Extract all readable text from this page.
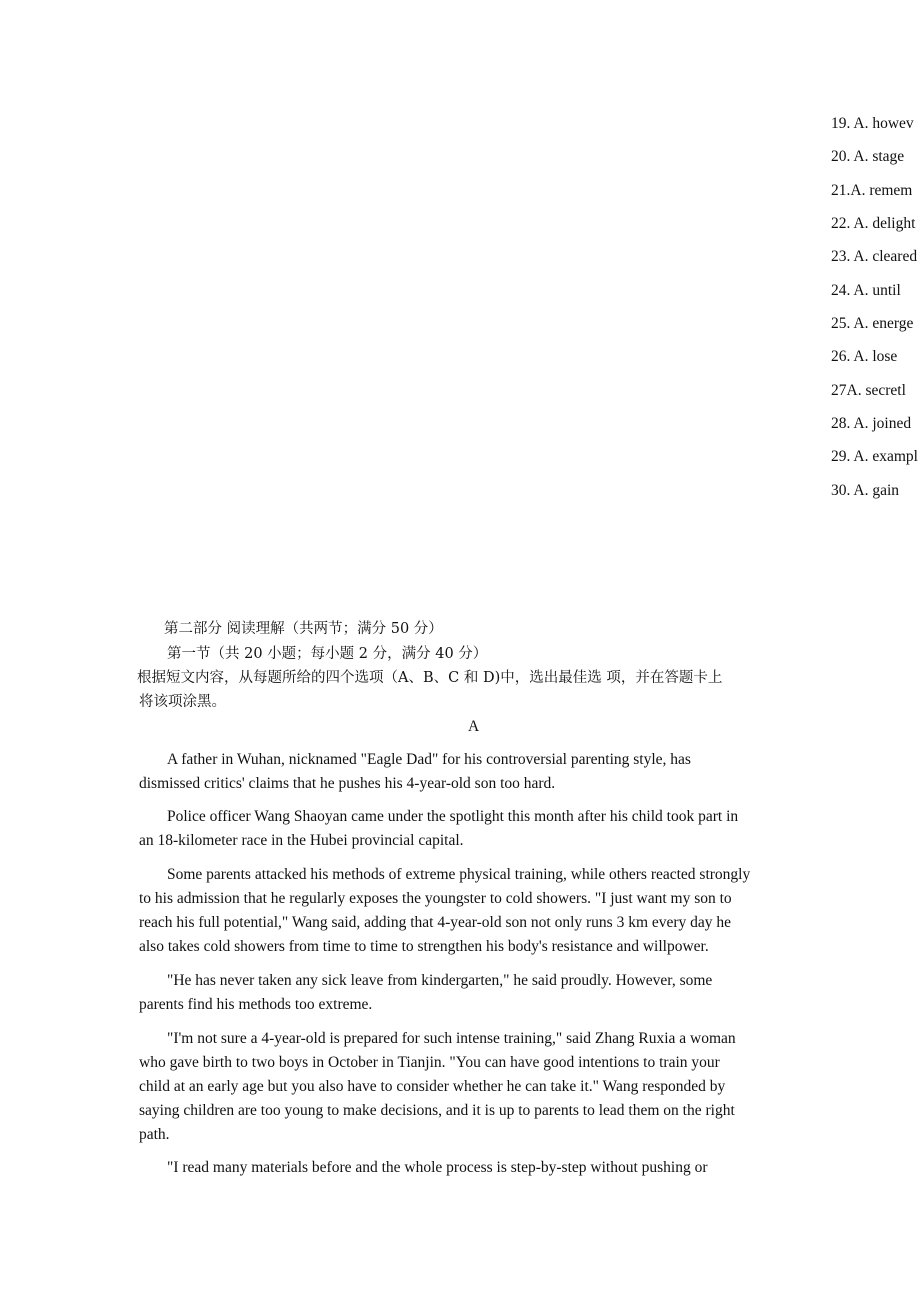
19. A. howev
20. A. stage
21.A. remem
22. A. delight
23. A. cleared
24. A. until
25. A. energe
26. A. lose
27A. secretl
28. A. joined
29. A. exampl
30. A. gain
第二部分 阅读理解（共两节；满分 50 分）
第一节（共 20 小题；每小题 2 分，满分 40 分）
根据短文内容，从每题所给的四个选项（A、B、C 和 D)中，选出最佳选 项，并在答题卡上
将该项涂黑。
A
A father in Wuhan, nicknamed "Eagle Dad" for his controversial parenting style, has
dismissed critics' claims that he pushes his 4-year-old son too hard.
Police officer Wang Shaoyan came under the spotlight this month after his child took part in
an 18-kilometer race in the Hubei provincial capital.
Some parents attacked his methods of extreme physical training, while others reacted strongly
to his admission that he regularly exposes the youngster to cold showers. "I just want my son to
reach his full potential," Wang said, adding that 4-year-old son not only runs 3 km every day he
also takes cold showers from time to time to strengthen his body's resistance and willpower.
"He has never taken any sick leave from kindergarten," he said proudly. However, some
parents find his methods too extreme.
"I'm not sure a 4-year-old is prepared for such intense training," said Zhang Ruxia a woman
who gave birth to two boys in October in Tianjin. "You can have good intentions to train your
child at an early age but you also have to consider whether he can take it." Wang responded by
saying children are too young to make decisions, and it is up to parents to lead them on the right
path.
"I read many materials before and the whole process is step-by-step without pushing or
